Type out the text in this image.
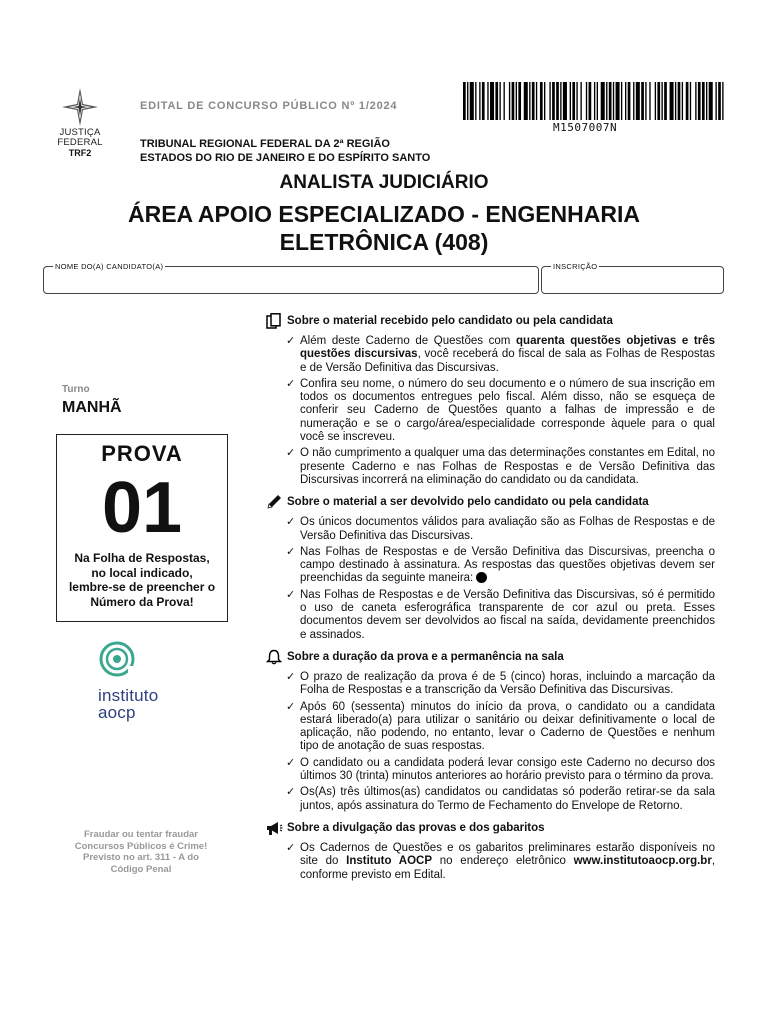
JUSTIÇA
FEDERAL
TRF2
EDITAL DE CONCURSO PÚBLICO Nº 1/2024
TRIBUNAL REGIONAL FEDERAL DA 2ª REGIÃO
ESTADOS DO RIO DE JANEIRO E DO ESPÍRITO SANTO
M1507007N
ANALISTA JUDICIÁRIO
ÁREA APOIO ESPECIALIZADO - ENGENHARIA
ELETRÔNICA (408)
NOME DO(A) CANDIDATO(A)	INSCRIÇÃO
Turno
MANHÃ
PROVA
01
Na Folha de Respostas,
no local indicado,
lembre-se de preencher o
Número da Prova!
instituto
aocp
Fraudar ou tentar fraudar
Concursos Públicos é Crime!
Previsto no art. 311 - A do
Código Penal
Sobre o material recebido pelo candidato ou pela candidata
✓ Além deste Caderno de Questões com quarenta questões objetivas e três questões discursivas, você receberá do fiscal de sala as Folhas de Respostas e de Versão Definitiva das Discursivas.
✓ Confira seu nome, o número do seu documento e o número de sua inscrição em todos os documentos entregues pelo fiscal. Além disso, não se esqueça de conferir seu Caderno de Questões quanto a falhas de impressão e de numeração e se o cargo/área/especialidade corresponde àquele para o qual você se inscreveu.
✓ O não cumprimento a qualquer uma das determinações constantes em Edital, no presente Caderno e nas Folhas de Respostas e de Versão Definitiva das Discursivas incorrerá na eliminação do candidato ou da candidata.
Sobre o material a ser devolvido pelo candidato ou pela candidata
✓ Os únicos documentos válidos para avaliação são as Folhas de Respostas e de Versão Definitiva das Discursivas.
✓ Nas Folhas de Respostas e de Versão Definitiva das Discursivas, preencha o campo destinado à assinatura. As respostas das questões objetivas devem ser preenchidas da seguinte maneira:
✓ Nas Folhas de Respostas e de Versão Definitiva das Discursivas, só é permitido o uso de caneta esferográfica transparente de cor azul ou preta. Esses documentos devem ser devolvidos ao fiscal na saída, devidamente preenchidos e assinados.
Sobre a duração da prova e a permanência na sala
✓ O prazo de realização da prova é de 5 (cinco) horas, incluindo a marcação da Folha de Respostas e a transcrição da Versão Definitiva das Discursivas.
✓ Após 60 (sessenta) minutos do início da prova, o candidato ou a candidata estará liberado(a) para utilizar o sanitário ou deixar definitivamente o local de aplicação, não podendo, no entanto, levar o Caderno de Questões e nenhum tipo de anotação de suas respostas.
✓ O candidato ou a candidata poderá levar consigo este Caderno no decurso dos últimos 30 (trinta) minutos anteriores ao horário previsto para o término da prova.
✓ Os(As) três últimos(as) candidatos ou candidatas só poderão retirar-se da sala juntos, após assinatura do Termo de Fechamento do Envelope de Retorno.
Sobre a divulgação das provas e dos gabaritos
✓ Os Cadernos de Questões e os gabaritos preliminares estarão disponíveis no site do Instituto AOCP no endereço eletrônico www.institutoaocp.org.br, conforme previsto em Edital.
